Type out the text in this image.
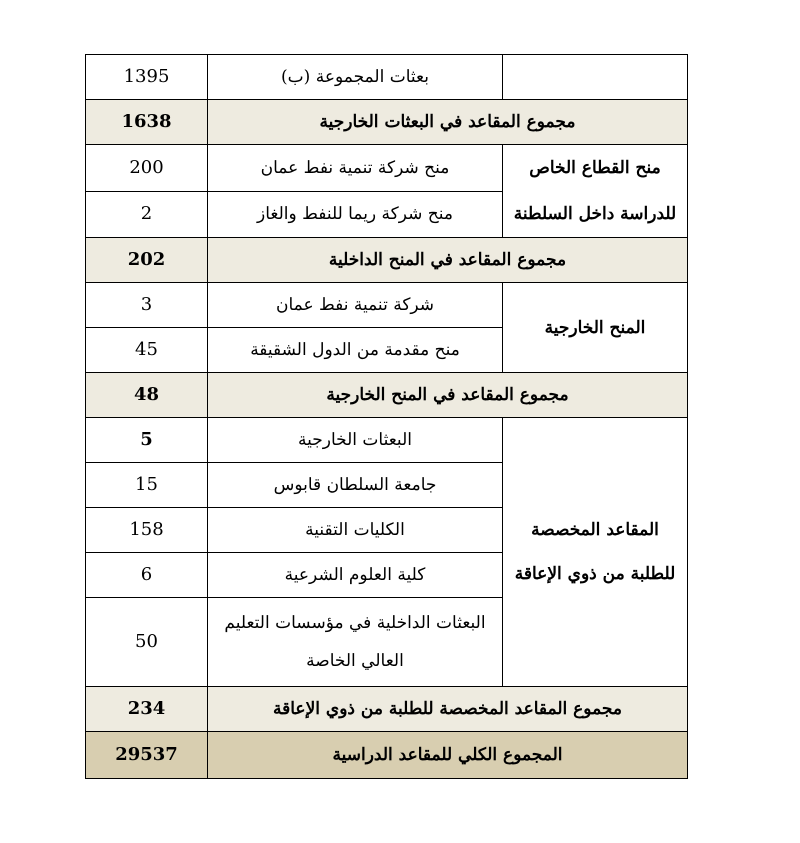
1395	بعثات المجموعة (ب)	
1638	مجموع المقاعد في البعثات الخارجية	
200	منح شركة تنمية نفط عمان	منح القطاع الخاص للدراسة داخل السلطنة
2	منح شركة ريما للنفط والغاز	
202	مجموع المقاعد في المنح الداخلية	
3	شركة تنمية نفط عمان	المنح الخارجية
45	منح مقدمة من الدول الشقيقة	
48	مجموع المقاعد في المنح الخارجية	
5	البعثات الخارجية	المقاعد المخصصة للطلبة من ذوي الإعاقة
15	جامعة السلطان قابوس	
158	الكليات التقنية	
6	كلية العلوم الشرعية	
50	البعثات الداخلية في مؤسسات التعليم العالي الخاصة	
234	مجموع المقاعد المخصصة للطلبة من ذوي الإعاقة	
29537	المجموع الكلي للمقاعد الدراسية	
